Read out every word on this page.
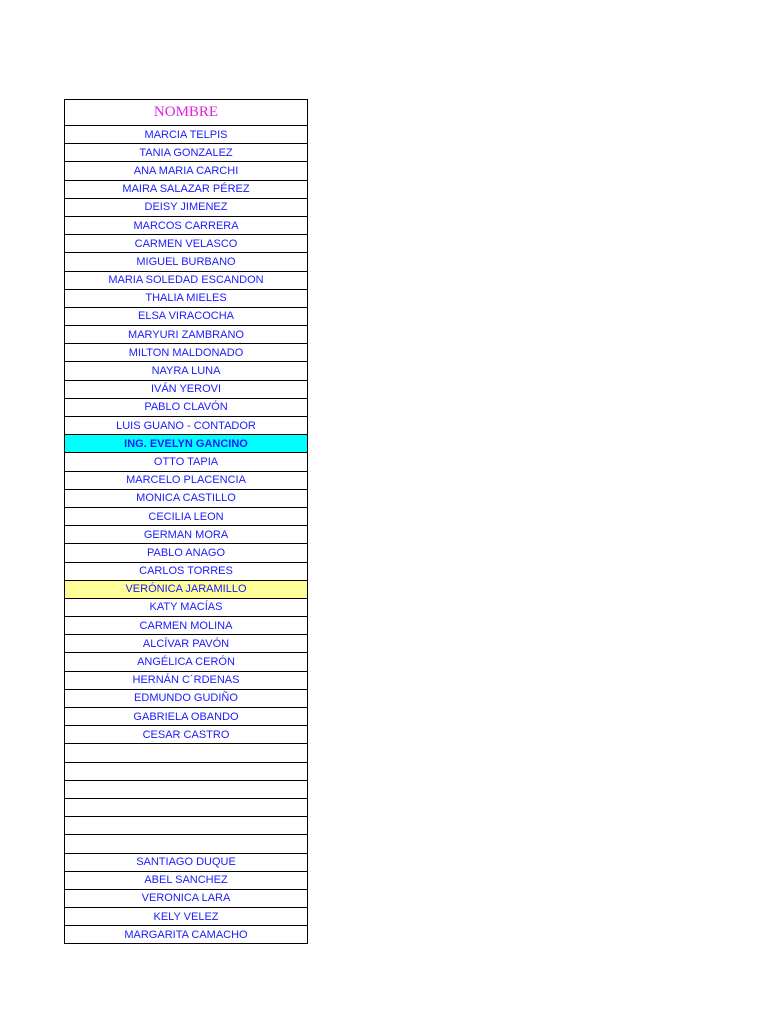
NOMBRE
MARCIA TELPIS
TANIA GONZALEZ
ANA MARIA CARCHI
MAIRA SALAZAR PÉREZ
DEISY JIMENEZ
MARCOS CARRERA
CARMEN VELASCO
MIGUEL BURBANO
MARIA SOLEDAD ESCANDON
THALIA MIELES
ELSA VIRACOCHA
MARYURI ZAMBRANO
MILTON MALDONADO
NAYRA LUNA
IVÁN YEROVI
PABLO CLAVÓN
LUIS GUANO - CONTADOR
ING. EVELYN GANCINO
OTTO TAPIA
MARCELO PLACENCIA
MONICA CASTILLO
CECILIA LEON
GERMAN MORA
PABLO ANAGO
CARLOS TORRES
VERÓNICA JARAMILLO
KATY MACÍAS
CARMEN MOLINA
ALCÍVAR PAVÓN
ANGÉLICA CERÓN
HERNÁN C´RDENAS
EDMUNDO GUDIÑO
GABRIELA OBANDO
CESAR CASTRO

SANTIAGO DUQUE
ABEL SANCHEZ
VERONICA LARA
KELY VELEZ
MARGARITA CAMACHO
